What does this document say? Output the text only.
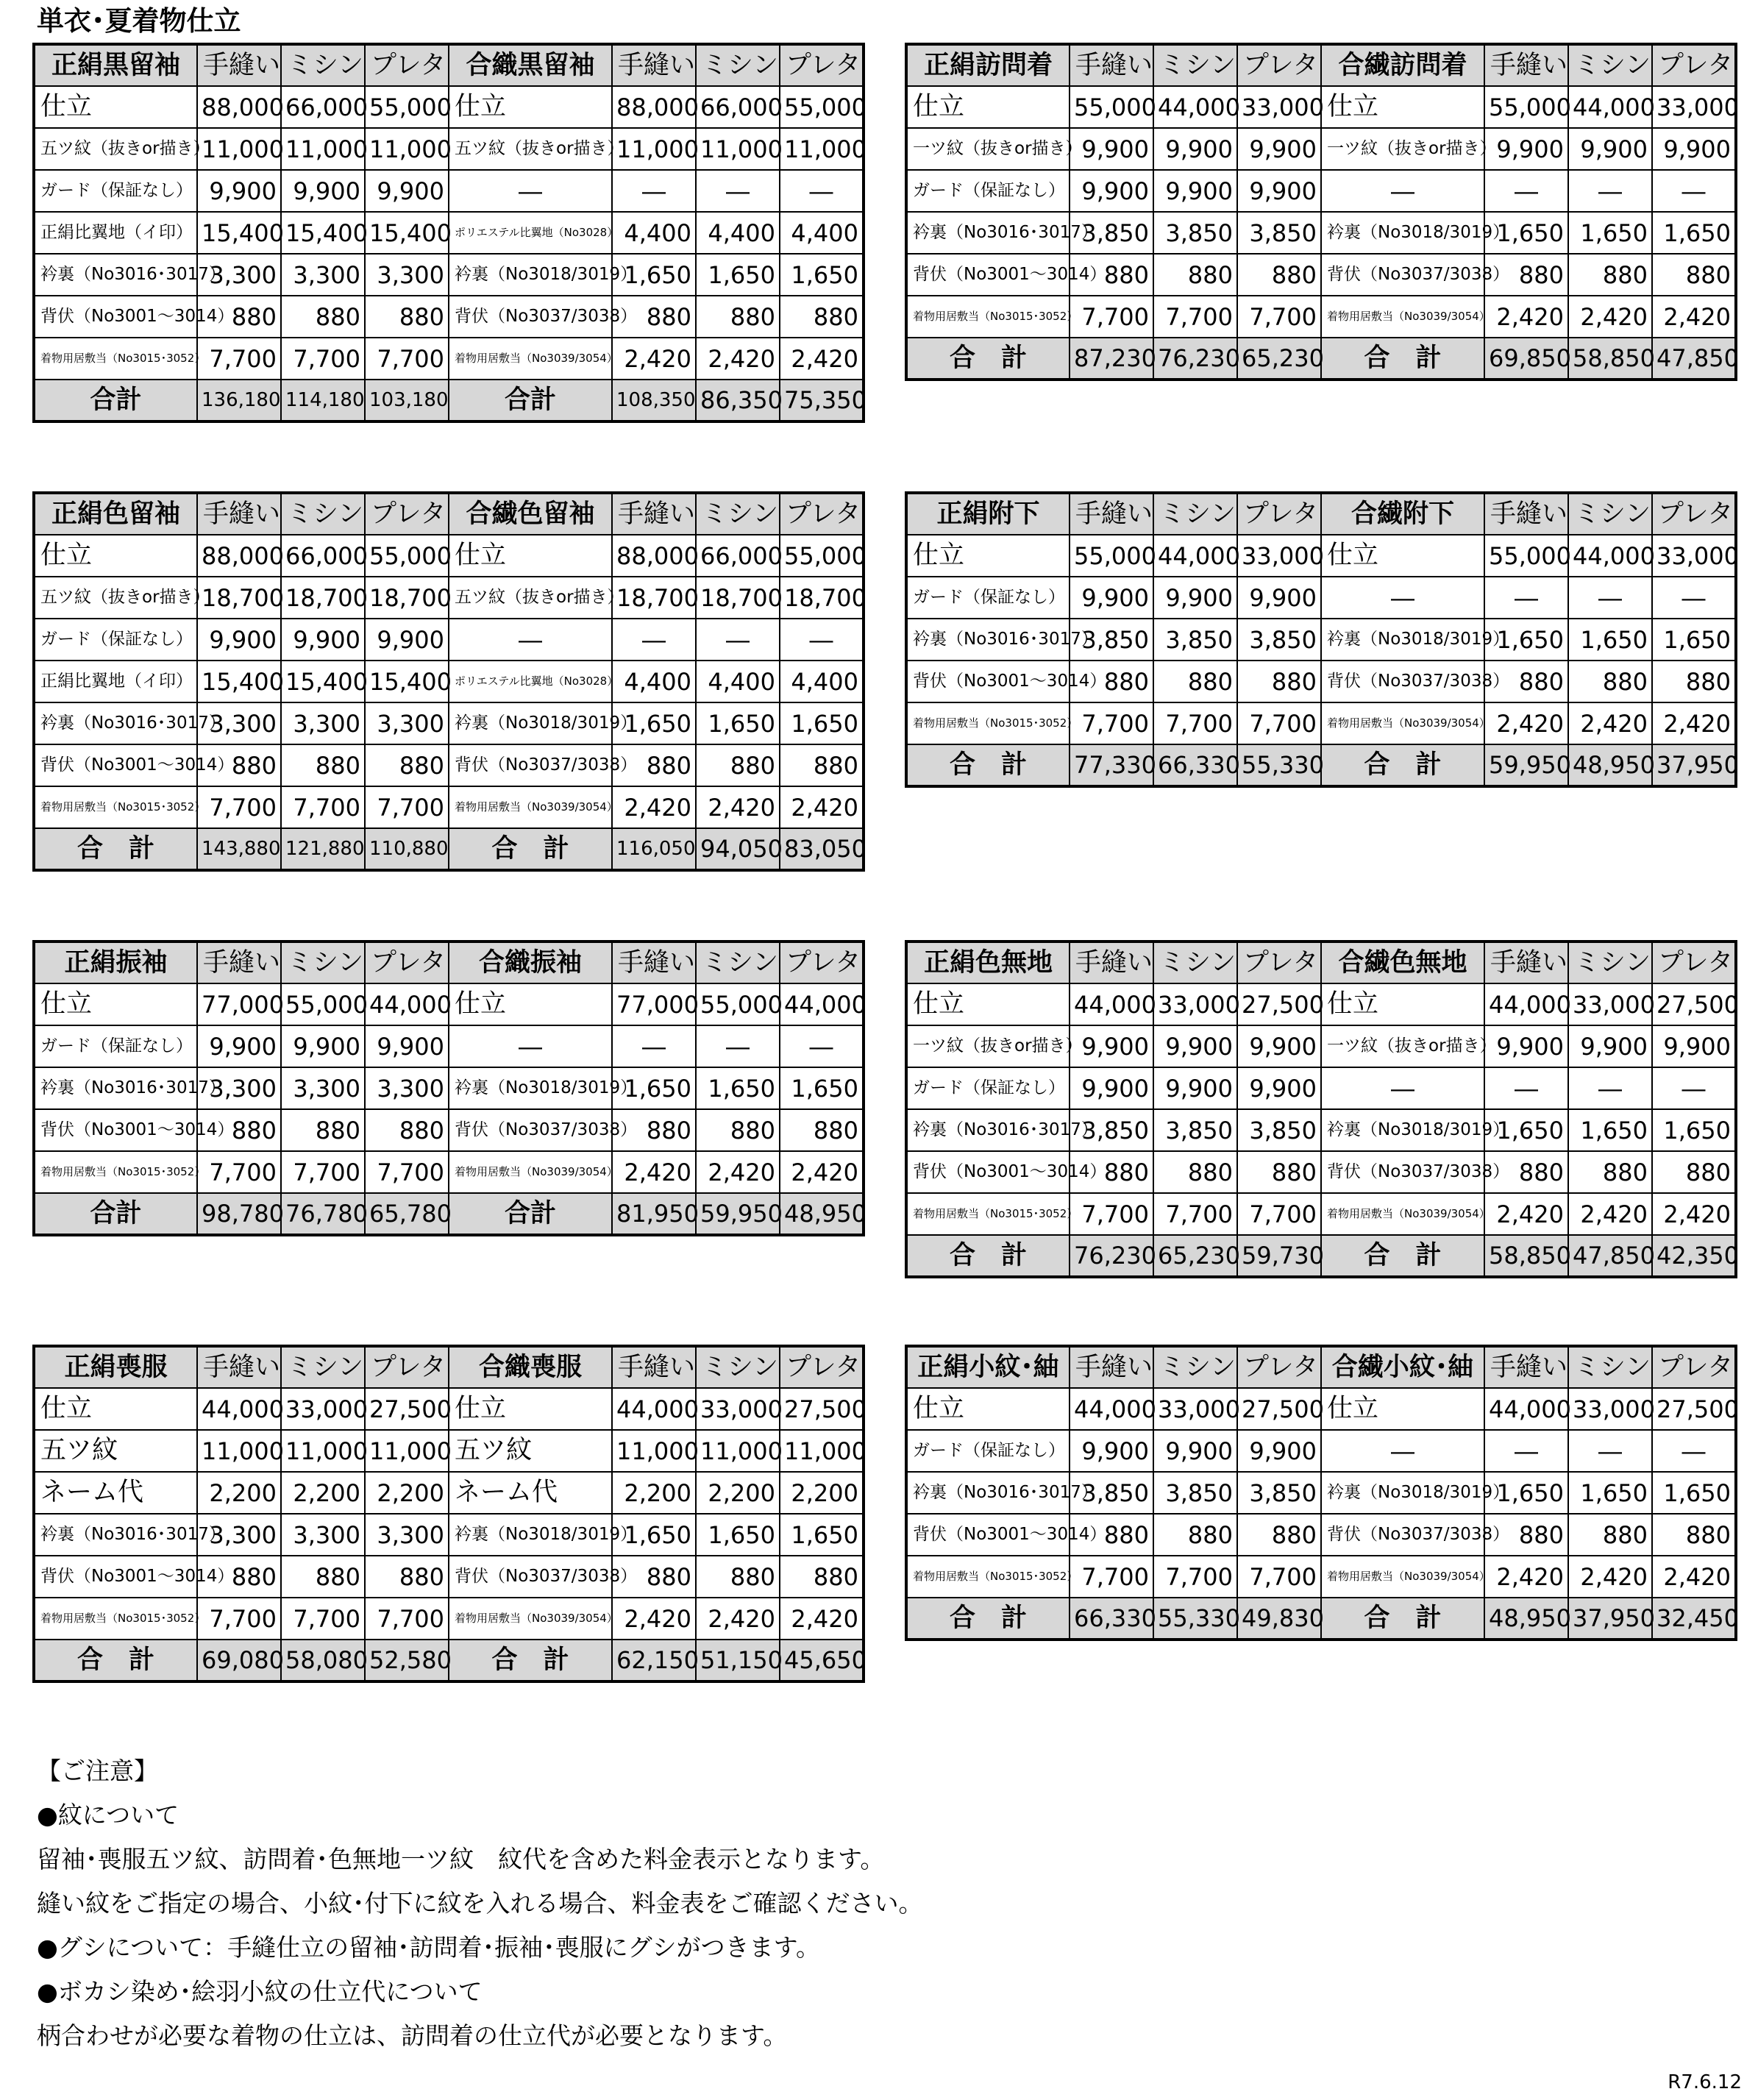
単衣･夏着物仕立
正絹黒留袖	手縫い	ミシン	プレタ	合織黒留袖	手縫い	ミシン	プレタ
仕立	88,000	66,000	55,000	仕立	88,000	66,000	55,000
五ツ紋（抜きor描き）	11,000	11,000	11,000	五ツ紋（抜きor描き）	11,000	11,000	11,000
ガード（保証なし）	9,900	9,900	9,900	―	―	―	―
正絹比翼地（イ印）	15,400	15,400	15,400	ポリエステル比翼地（No3028）	4,400	4,400	4,400
衿裏（No3016･3017）	3,300	3,300	3,300	衿裏（No3018/3019）	1,650	1,650	1,650
背伏（No3001～3014）	880	880	880	背伏（No3037/3038）	880	880	880
着物用居敷当（No3015･3052）	7,700	7,700	7,700	着物用居敷当（No3039/3054）	2,420	2,420	2,420
合計	136,180	114,180	103,180	合計	108,350	86,350	75,350
正絹訪問着	手縫い	ミシン	プレタ	合繊訪問着	手縫い	ミシン	プレタ
仕立	55,000	44,000	33,000	仕立	55,000	44,000	33,000
一ツ紋（抜きor描き）	9,900	9,900	9,900	一ツ紋（抜きor描き）	9,900	9,900	9,900
ガード（保証なし）	9,900	9,900	9,900	―	―	―	―
衿裏（No3016･3017）	3,850	3,850	3,850	衿裏（No3018/3019）	1,650	1,650	1,650
背伏（No3001～3014）	880	880	880	背伏（No3037/3038）	880	880	880
着物用居敷当（No3015･3052）	7,700	7,700	7,700	着物用居敷当（No3039/3054）	2,420	2,420	2,420
合　計	87,230	76,230	65,230	合　計	69,850	58,850	47,850
正絹色留袖	手縫い	ミシン	プレタ	合繊色留袖	手縫い	ミシン	プレタ
仕立	88,000	66,000	55,000	仕立	88,000	66,000	55,000
五ツ紋（抜きor描き）	18,700	18,700	18,700	五ツ紋（抜きor描き）	18,700	18,700	18,700
ガード（保証なし）	9,900	9,900	9,900	―	―	―	―
正絹比翼地（イ印）	15,400	15,400	15,400	ポリエステル比翼地（No3028）	4,400	4,400	4,400
衿裏（No3016･3017）	3,300	3,300	3,300	衿裏（No3018/3019）	1,650	1,650	1,650
背伏（No3001～3014）	880	880	880	背伏（No3037/3038）	880	880	880
着物用居敷当（No3015･3052）	7,700	7,700	7,700	着物用居敷当（No3039/3054）	2,420	2,420	2,420
合　計	143,880	121,880	110,880	合　計	116,050	94,050	83,050
正絹附下	手縫い	ミシン	プレタ	合繊附下	手縫い	ミシン	プレタ
仕立	55,000	44,000	33,000	仕立	55,000	44,000	33,000
ガード（保証なし）	9,900	9,900	9,900	―	―	―	―
衿裏（No3016･3017）	3,850	3,850	3,850	衿裏（No3018/3019）	1,650	1,650	1,650
背伏（No3001～3014）	880	880	880	背伏（No3037/3038）	880	880	880
着物用居敷当（No3015･3052）	7,700	7,700	7,700	着物用居敷当（No3039/3054）	2,420	2,420	2,420
合　計	77,330	66,330	55,330	合　計	59,950	48,950	37,950
正絹振袖	手縫い	ミシン	プレタ	合織振袖	手縫い	ミシン	プレタ
仕立	77,000	55,000	44,000	仕立	77,000	55,000	44,000
ガード（保証なし）	9,900	9,900	9,900	―	―	―	―
衿裏（No3016･3017）	3,300	3,300	3,300	衿裏（No3018/3019）	1,650	1,650	1,650
背伏（No3001～3014）	880	880	880	背伏（No3037/3038）	880	880	880
着物用居敷当（No3015･3052）	7,700	7,700	7,700	着物用居敷当（No3039/3054）	2,420	2,420	2,420
合計	98,780	76,780	65,780	合計	81,950	59,950	48,950
正絹色無地	手縫い	ミシン	プレタ	合繊色無地	手縫い	ミシン	プレタ
仕立	44,000	33,000	27,500	仕立	44,000	33,000	27,500
一ツ紋（抜きor描き）	9,900	9,900	9,900	一ツ紋（抜きor描き）	9,900	9,900	9,900
ガード（保証なし）	9,900	9,900	9,900	―	―	―	―
衿裏（No3016･3017）	3,850	3,850	3,850	衿裏（No3018/3019）	1,650	1,650	1,650
背伏（No3001～3014）	880	880	880	背伏（No3037/3038）	880	880	880
着物用居敷当（No3015･3052）	7,700	7,700	7,700	着物用居敷当（No3039/3054）	2,420	2,420	2,420
合　計	76,230	65,230	59,730	合　計	58,850	47,850	42,350
正絹喪服	手縫い	ミシン	プレタ	合織喪服	手縫い	ミシン	プレタ
仕立	44,000	33,000	27,500	仕立	44,000	33,000	27,500
五ツ紋	11,000	11,000	11,000	五ツ紋	11,000	11,000	11,000
ネーム代	2,200	2,200	2,200	ネーム代	2,200	2,200	2,200
衿裏（No3016･3017）	3,300	3,300	3,300	衿裏（No3018/3019）	1,650	1,650	1,650
背伏（No3001～3014）	880	880	880	背伏（No3037/3038）	880	880	880
着物用居敷当（No3015･3052）	7,700	7,700	7,700	着物用居敷当（No3039/3054）	2,420	2,420	2,420
合　計	69,080	58,080	52,580	合　計	62,150	51,150	45,650
正絹小紋･紬	手縫い	ミシン	プレタ	合繊小紋･紬	手縫い	ミシン	プレタ
仕立	44,000	33,000	27,500	仕立	44,000	33,000	27,500
ガード（保証なし）	9,900	9,900	9,900	―	―	―	―
衿裏（No3016･3017）	3,850	3,850	3,850	衿裏（No3018/3019）	1,650	1,650	1,650
背伏（No3001～3014）	880	880	880	背伏（No3037/3038）	880	880	880
着物用居敷当（No3015･3052）	7,700	7,700	7,700	着物用居敷当（No3039/3054）	2,420	2,420	2,420
合　計	66,330	55,330	49,830	合　計	48,950	37,950	32,450
【ご注意】
●紋について
留袖･喪服五ツ紋、訪問着･色無地一ツ紋　紋代を含めた料金表示となります。
縫い紋をご指定の場合、小紋･付下に紋を入れる場合、料金表をご確認ください。
●グシについて：手縫仕立の留袖･訪問着･振袖･喪服にグシがつきます。
●ボカシ染め･絵羽小紋の仕立代について
柄合わせが必要な着物の仕立は、訪問着の仕立代が必要となります。
R7.6.12
